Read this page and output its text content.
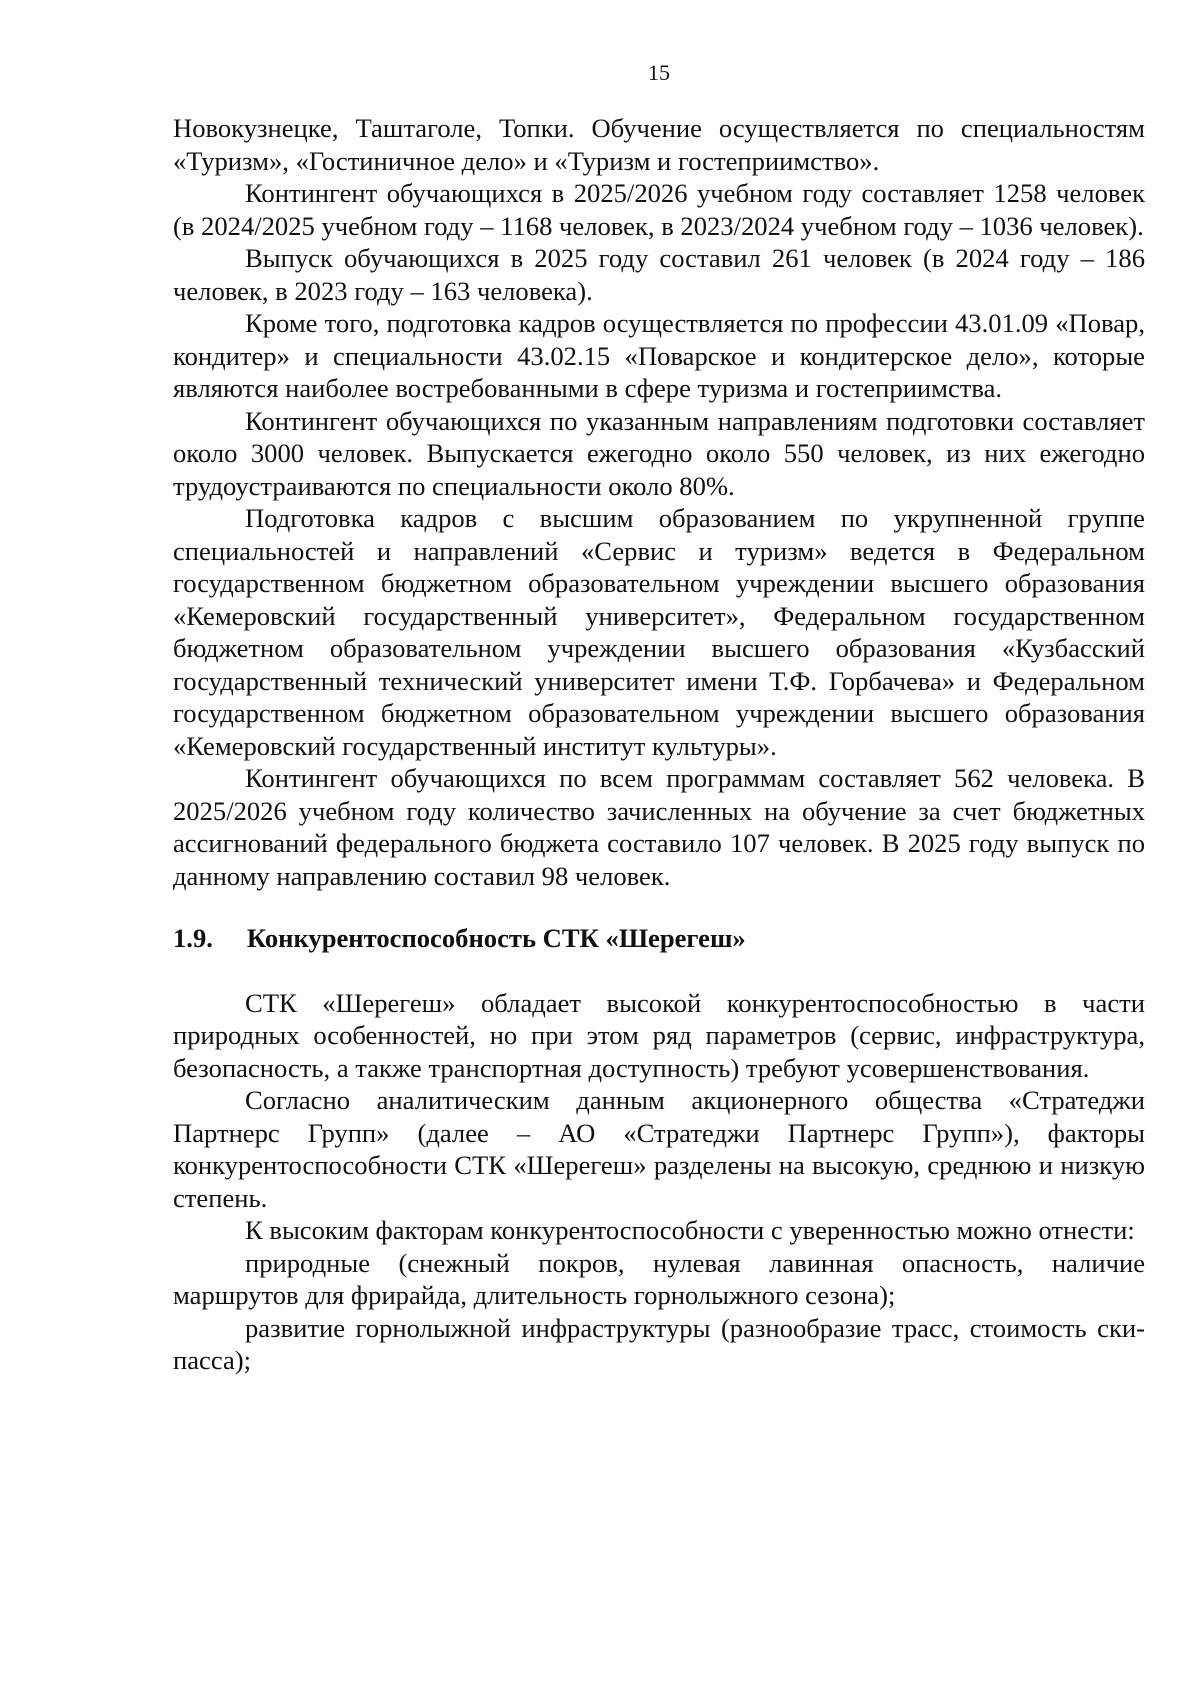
15

Новокузнецке, Таштаголе, Топки. Обучение осуществляется по специальностям «Туризм», «Гостиничное дело» и «Туризм и гостеприимство».

Контингент обучающихся в 2025/2026 учебном году составляет 1258 человек (в 2024/2025 учебном году – 1168 человек, в 2023/2024 учебном году – 1036 человек).

Выпуск обучающихся в 2025 году составил 261 человек (в 2024 году – 186 человек, в 2023 году – 163 человека).

Кроме того, подготовка кадров осуществляется по профессии 43.01.09 «Повар, кондитер» и специальности 43.02.15 «Поварское и кондитерское дело», которые являются наиболее востребованными в сфере туризма и гостеприимства.

Контингент обучающихся по указанным направлениям подготовки составляет около 3000 человек. Выпускается ежегодно около 550 человек, из них ежегодно трудоустраиваются по специальности около 80%.

Подготовка кадров с высшим образованием по укрупненной группе специальностей и направлений «Сервис и туризм» ведется в Федеральном государственном бюджетном образовательном учреждении высшего образования «Кемеровский государственный университет», Федеральном государственном бюджетном образовательном учреждении высшего образования «Кузбасский государственный технический университет имени Т.Ф. Горбачева» и Федеральном государственном бюджетном образовательном учреждении высшего образования «Кемеровский государственный институт культуры».

Контингент обучающихся по всем программам составляет 562 человека. В 2025/2026 учебном году количество зачисленных на обучение за счет бюджетных ассигнований федерального бюджета составило 107 человек. В 2025 году выпуск по данному направлению составил 98 человек.

1.9. Конкурентоспособность СТК «Шерегеш»

СТК «Шерегеш» обладает высокой конкурентоспособностью в части природных особенностей, но при этом ряд параметров (сервис, инфраструктура, безопасность, а также транспортная доступность) требуют усовершенствования.

Согласно аналитическим данным акционерного общества «Стратеджи Партнерс Групп» (далее – АО «Стратеджи Партнерс Групп»), факторы конкурентоспособности СТК «Шерегеш» разделены на высокую, среднюю и низкую степень.

К высоким факторам конкурентоспособности с уверенностью можно отнести:

природные (снежный покров, нулевая лавинная опасность, наличие маршрутов для фрирайда, длительность горнолыжного сезона);

развитие горнолыжной инфраструктуры (разнообразие трасс, стоимость ски-пасса);
